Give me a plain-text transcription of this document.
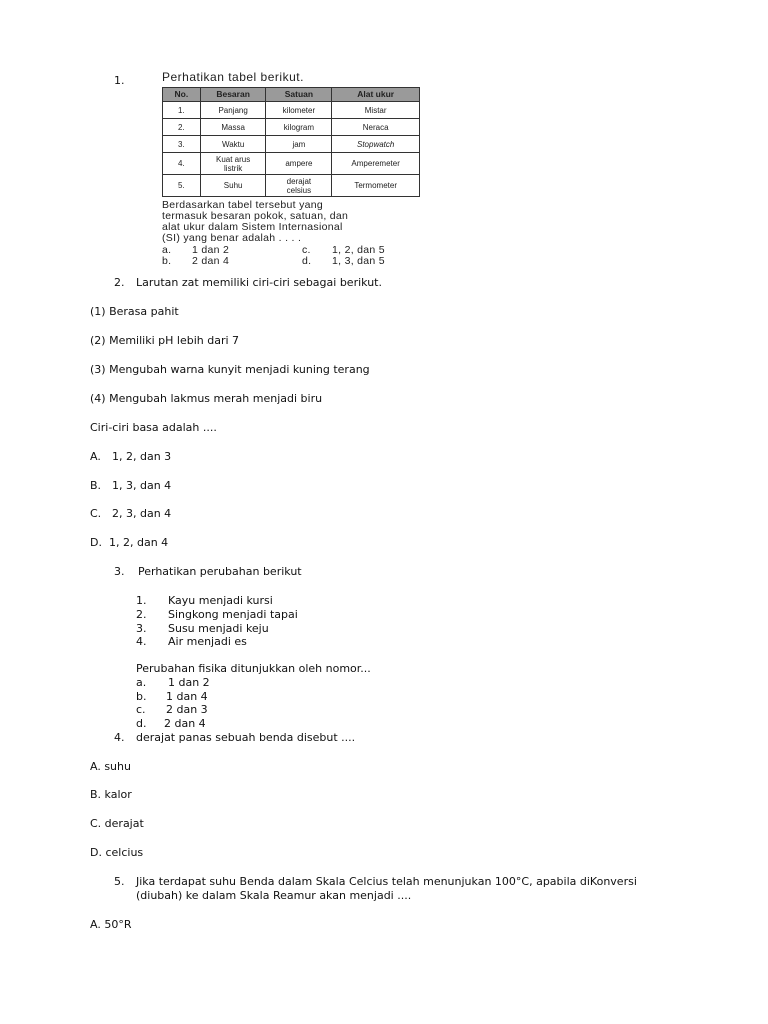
1.	Perhatikan tabel berikut.
No.	Besaran	Satuan	Alat ukur
1.	Panjang	kilometer	Mistar
2.	Massa	kilogram	Neraca
3.	Waktu	jam	Stopwatch
4.	Kuat arus listrik	ampere	Amperemeter
5.	Suhu	derajat celsius	Termometer
Berdasarkan tabel tersebut yang
termasuk besaran pokok, satuan, dan
alat ukur dalam Sistem Internasional
(SI) yang benar adalah . . . .
a. 1 dan 2
b. 2 dan 4
c. 1, 2, dan 5
d. 1, 3, dan 5
2. Larutan zat memiliki ciri-ciri sebagai berikut.
(1) Berasa pahit
(2) Memiliki pH lebih dari 7
(3) Mengubah warna kunyit menjadi kuning terang
(4) Mengubah lakmus merah menjadi biru
Ciri-ciri basa adalah ....
A. 1, 2, dan 3
B. 1, 3, dan 4
C. 2, 3, dan 4
D. 1, 2, dan 4
3. Perhatikan perubahan berikut
1. Kayu menjadi kursi
2. Singkong menjadi tapai
3. Susu menjadi keju
4. Air menjadi es
Perubahan fisika ditunjukkan oleh nomor...
a. 1 dan 2
b. 1 dan 4
c. 2 dan 3
d. 2 dan 4
4. derajat panas sebuah benda disebut ....
A. suhu
B. kalor
C. derajat
D. celcius
5. Jika terdapat suhu Benda dalam Skala Celcius telah menunjukan 100°C, apabila diKonversi
(diubah) ke dalam Skala Reamur akan menjadi ....
A. 50°R
